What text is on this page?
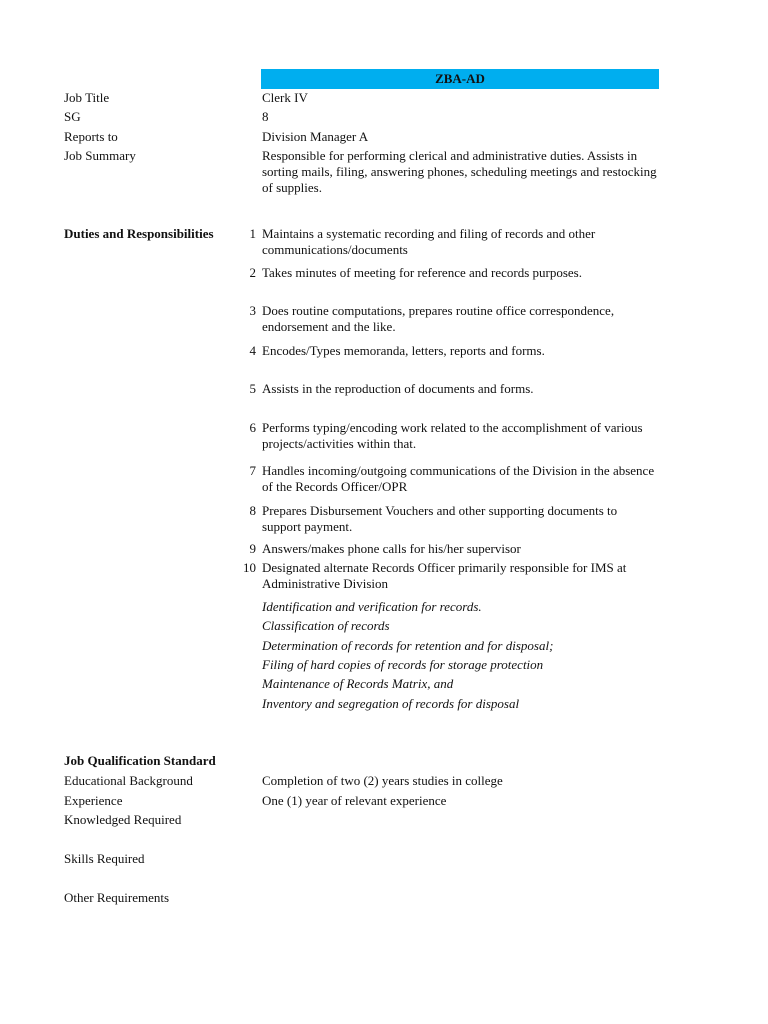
ZBA-AD
Job Title	Clerk IV
SG	8
Reports to	Division Manager A
Job Summary	Responsible for performing clerical and administrative duties. Assists in sorting mails, filing, answering phones, scheduling meetings and restocking of supplies.
Duties and Responsibilities	1 Maintains a systematic recording and filing of records and other communications/documents
2 Takes minutes of meeting for reference and records purposes.
3 Does routine computations, prepares routine office correspondence, endorsement and the like.
4 Encodes/Types memoranda, letters, reports and forms.
5 Assists in the reproduction of documents and forms.
6 Performs typing/encoding work related to the accomplishment of various projects/activities within that.
7 Handles incoming/outgoing communications of the Division in the absence of the Records Officer/OPR
8 Prepares Disbursement Vouchers and other supporting documents to support payment.
9 Answers/makes phone calls for his/her supervisor
10 Designated alternate Records Officer primarily responsible for IMS at Administrative Division
Identification and verification for records.
Classification of records
Determination of records for retention and for disposal;
Filing of hard copies of records for storage protection
Maintenance of Records Matrix, and
Inventory and segregation of records for disposal
Job Qualification Standard
Educational Background	Completion of two (2) years studies in college
Experience	One (1) year of relevant experience
Knowledged Required
Skills Required
Other Requirements
